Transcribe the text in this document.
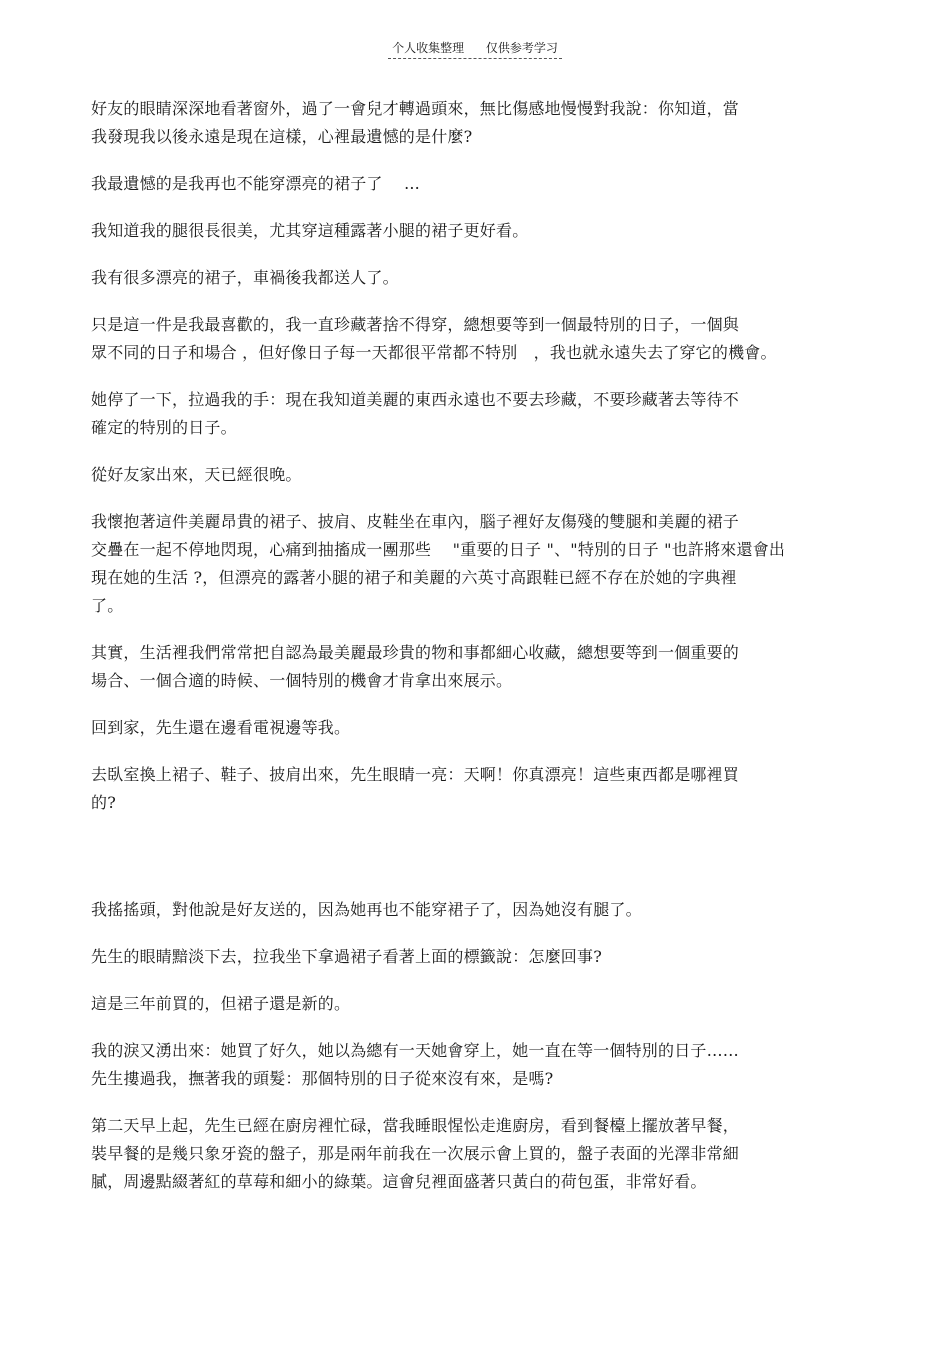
个人收集整理 仅供参考学习

好友的眼睛深深地看著窗外，過了一會兒才轉過頭來，無比傷感地慢慢對我說：你知道，當
我發現我以後永遠是現在這樣，心裡最遺憾的是什麼?

我最遺憾的是我再也不能穿漂亮的裙子了　 ...

我知道我的腿很長很美，尤其穿這種露著小腿的裙子更好看。

我有很多漂亮的裙子，車禍後我都送人了。

只是這一件是我最喜歡的，我一直珍藏著捨不得穿，總想要等到一個最特別的日子，一個與
眾不同的日子和場合 ，但好像日子每一天都很平常都不特別　，我也就永遠失去了穿它的機會。

她停了一下，拉過我的手：現在我知道美麗的東西永遠也不要去珍藏，不要珍藏著去等待不
確定的特別的日子。

從好友家出來，天已經很晚。

我懷抱著這件美麗昂貴的裙子、披肩、皮鞋坐在車內，腦子裡好友傷殘的雙腿和美麗的裙子
交疊在一起不停地閃現，心痛到抽搐成一團那些　 "重要的日子 "、"特別的日子 "也許將來還會出
現在她的生活 ?，但漂亮的露著小腿的裙子和美麗的六英寸高跟鞋已經不存在於她的字典裡
了。

其實，生活裡我們常常把自認為最美麗最珍貴的物和事都細心收藏，總想要等到一個重要的
場合、一個合適的時候、一個特別的機會才肯拿出來展示。

回到家，先生還在邊看電視邊等我。

去臥室換上裙子、鞋子、披肩出來，先生眼睛一亮：天啊！你真漂亮！這些東西都是哪裡買
的?

我搖搖頭，對他說是好友送的，因為她再也不能穿裙子了，因為她沒有腿了。

先生的眼睛黯淡下去，拉我坐下拿過裙子看著上面的標籤說：怎麼回事?

這是三年前買的，但裙子還是新的。

我的淚又湧出來：她買了好久，她以為總有一天她會穿上，她一直在等一個特別的日子……
先生摟過我，撫著我的頭髮：那個特別的日子從來沒有來，是嗎?

第二天早上起，先生已經在廚房裡忙碌，當我睡眼惺忪走進廚房，看到餐檯上擺放著早餐，
裝早餐的是幾只象牙瓷的盤子，那是兩年前我在一次展示會上買的，盤子表面的光澤非常細
膩，周邊點綴著紅的草莓和細小的綠葉。這會兒裡面盛著只黃白的荷包蛋，非常好看。
